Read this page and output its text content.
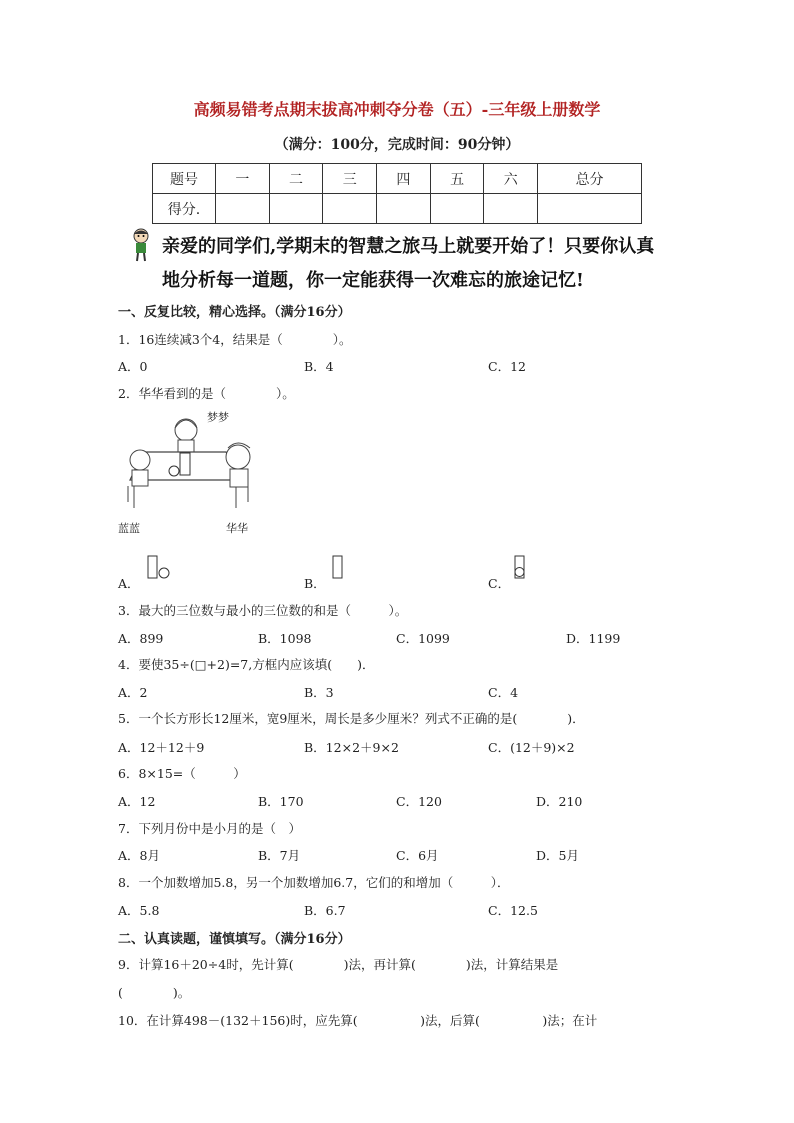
高频易错考点期末拔高冲刺夺分卷（五）-三年级上册数学
（满分：100分，完成时间：90分钟）
题号	一	二	三	四	五	六	总分
得分.							
亲爱的同学们,学期末的智慧之旅马上就要开始了！只要你认真
地分析每一道题，你一定能获得一次难忘的旅途记忆!
一、反复比较，精心选择。（满分16分）
1．16连续减3个4，结果是（　　　　）。
A．0	B．4	C．12
2．华华看到的是（　　　　）。
梦梦
蓝蓝	华华
A．	B．	C．
3．最大的三位数与最小的三位数的和是（　　　）。
A．899	B．1098	C．1099	D．1199
4．要使35÷(□+2)=7,方框内应该填(　　)．
A．2	B．3	C．4
5．一个长方形长12厘米，宽9厘米，周长是多少厘米？列式不正确的是(　　　　)．
A．12＋12＋9	B．12×2＋9×2	C．(12＋9)×2
6．8×15=（　　　）
A．12	B．170	C．120	D．210
7．下列月份中是小月的是（　）
A．8月	B．7月	C．6月	D．5月
8．一个加数增加5.8，另一个加数增加6.7，它们的和增加（　　　）．
A．5.8	B．6.7	C．12.5
二、认真读题，谨慎填写。（满分16分）
9．计算16＋20÷4时，先计算(　　　　)法，再计算(　　　　)法，计算结果是
(　　　　)。
10．在计算498－(132＋156)时，应先算(　　　　　)法，后算(　　　　　)法；在计
